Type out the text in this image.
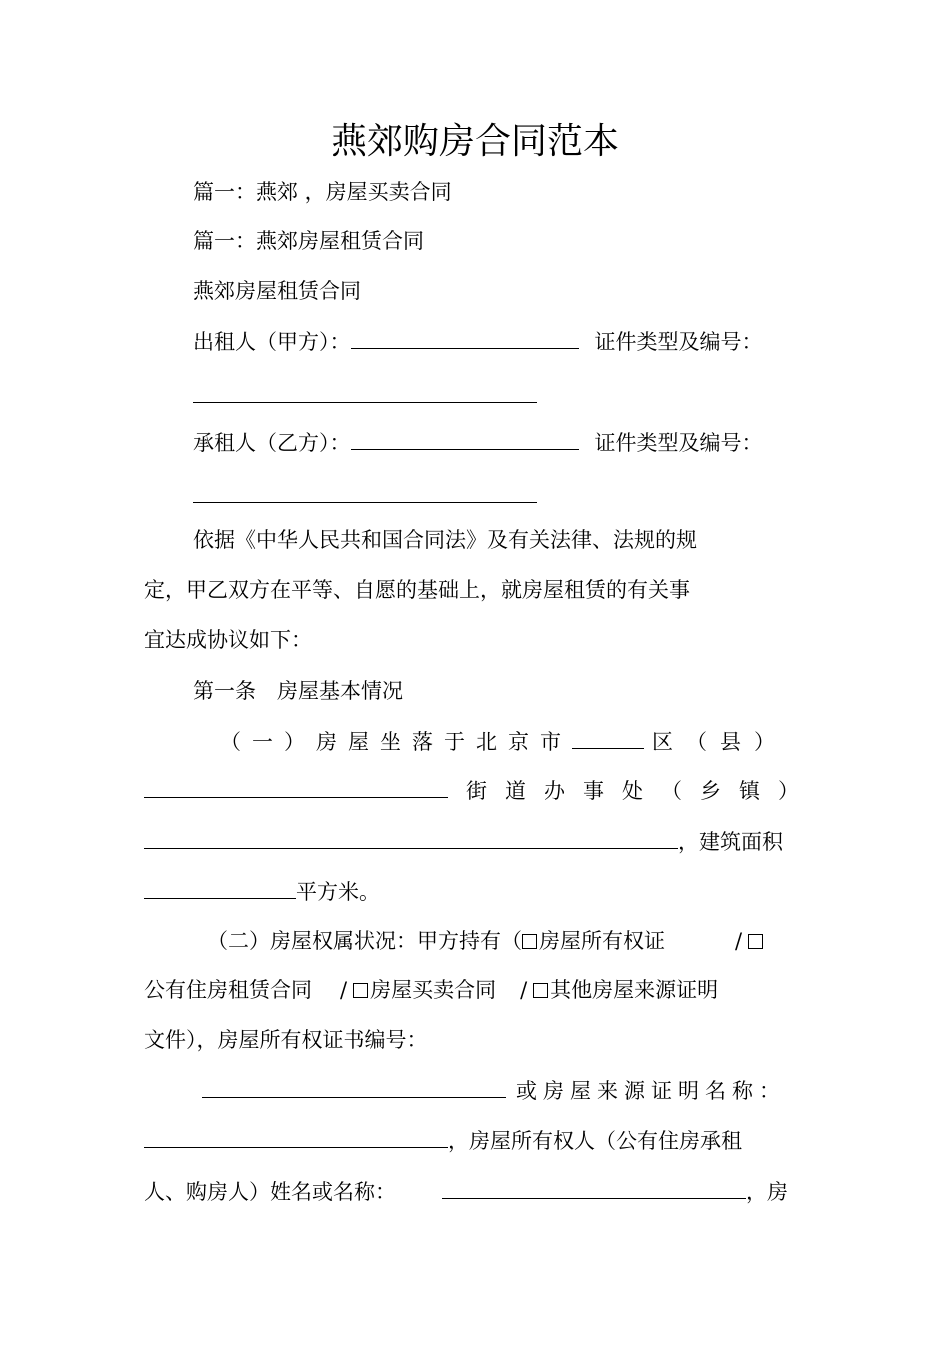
燕郊购房合同范本
篇一：燕郊 ，房屋买卖合同
篇一：燕郊房屋租赁合同
燕郊房屋租赁合同
出租人（甲方）：	证件类型及编号：
承租人（乙方）：	证件类型及编号：
依据《中华人民共和国合同法》及有关法律、法规的规
定，甲乙双方在平等、自愿的基础上，就房屋租赁的有关事
宜达成协议如下：
第一条　房屋基本情况
（一）房屋坐落于北京市	区（县）
街道办事处（乡镇）
，建筑面积
平方米。
（二）房屋权属状况：甲方持有（ 房屋所有权证	/
公有住房租赁合同 / 房屋买卖合同 / 其他房屋来源证明
文件），房屋所有权证书编号：
或房屋来源证明名称：
，房屋所有权人（公有住房承租
人、购房人）姓名或名称：	，房
